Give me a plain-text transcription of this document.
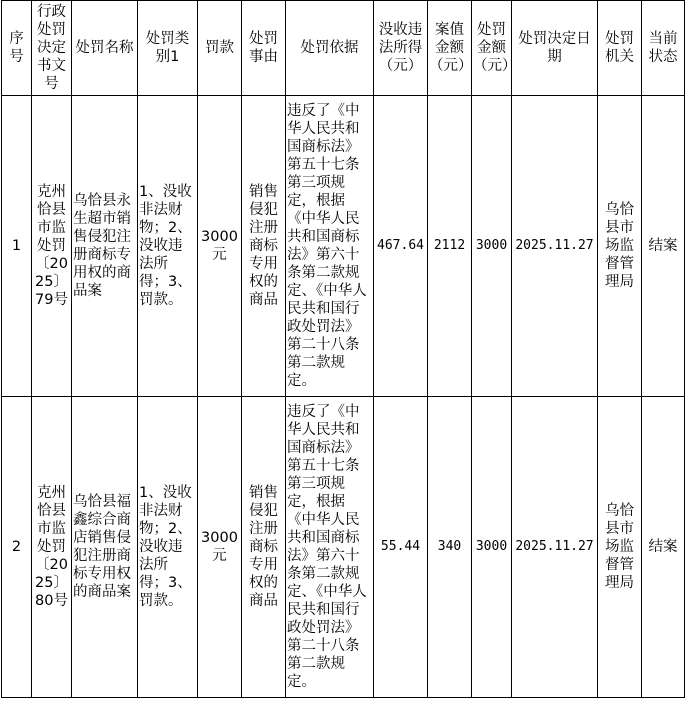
序号	行政处罚决定书文号	处罚名称	处罚类别1	罚款	处罚事由	处罚依据	没收违法所得（元）	案值金额（元）	处罚金额（元）	处罚决定日期	处罚机关	当前状态
1	克州恰县市监处罚〔2025〕79号	乌恰县永生超市销售侵犯注册商标专用权的商品案	1、没收非法财物；2、没收违法所得；3、罚款。	3000元	销售侵犯注册商标专用权的商品	违反了《中华人民共和国商标法》第五十七条第三项规定，根据《中华人民共和国商标法》第六十条第二款规定、《中华人民共和国行政处罚法》第二十八条第二款规定。	467.64	2112	3000	2025.11.27	乌恰县市场监督管理局	结案
2	克州恰县市监处罚〔2025〕80号	乌恰县福鑫综合商店销售侵犯注册商标专用权的商品案	1、没收非法财物；2、没收违法所得；3、罚款。	3000元	销售侵犯注册商标专用权的商品	违反了《中华人民共和国商标法》第五十七条第三项规定，根据《中华人民共和国商标法》第六十条第二款规定、《中华人民共和国行政处罚法》第二十八条第二款规定。	55.44	340	3000	2025.11.27	乌恰县市场监督管理局	结案
